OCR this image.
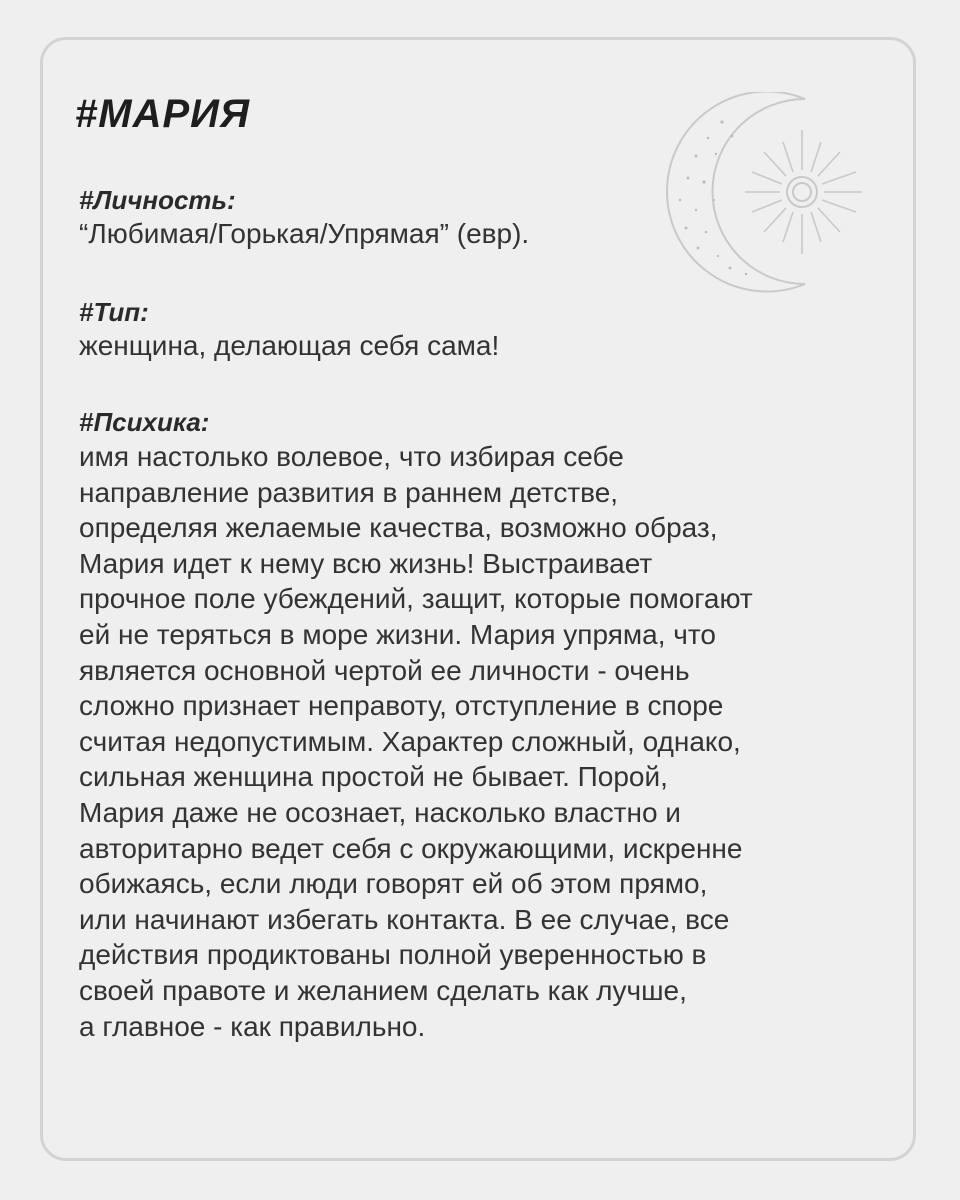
#МАРИЯ
#Личность:
“Любимая/Горькая/Упрямая” (евр).
#Тип:
женщина, делающая себя сама!
#Психика:
имя настолько волевое, что избирая себе
направление развития в раннем детстве,
определяя желаемые качества, возможно образ,
Мария идет к нему всю жизнь! Выстраивает
прочное поле убеждений, защит, которые помогают
ей не теряться в море жизни. Мария упряма, что
является основной чертой ее личности - очень
сложно признает неправоту, отступление в споре
считая недопустимым. Характер сложный, однако,
сильная женщина простой не бывает. Порой,
Мария даже не осознает, насколько властно и
авторитарно ведет себя с окружающими, искренне
обижаясь, если люди говорят ей об этом прямо,
или начинают избегать контакта. В ее случае, все
действия продиктованы полной уверенностью в
своей правоте и желанием сделать как лучше,
а главное - как правильно.
